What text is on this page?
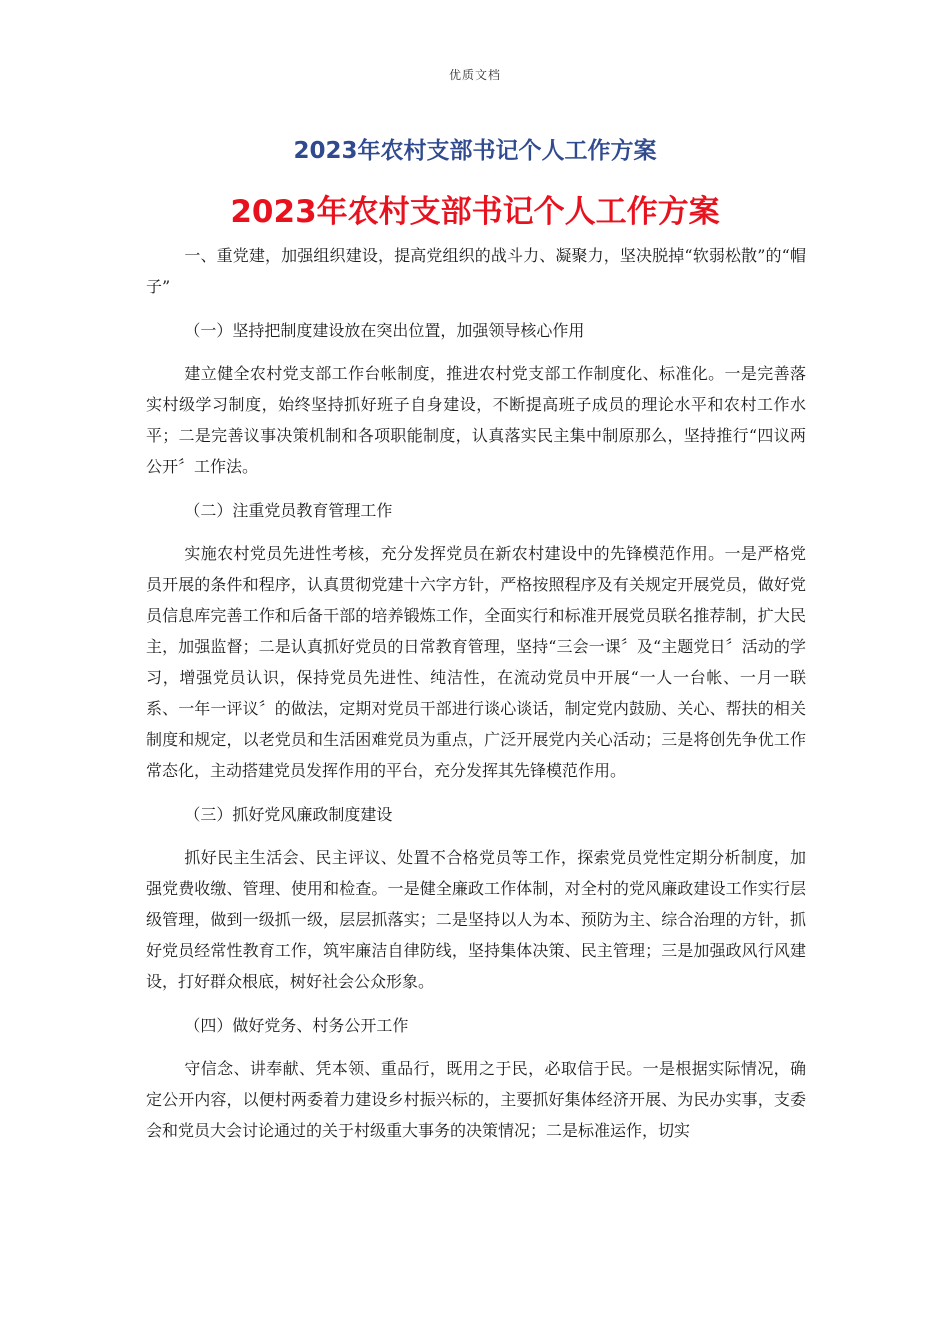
优质文档
2023年农村支部书记个人工作方案
2023年农村支部书记个人工作方案

一、重党建，加强组织建设，提高党组织的战斗力、凝聚力，坚决脱掉“软弱松散”的“帽子”

（一）坚持把制度建设放在突出位置，加强领导核心作用

建立健全农村党支部工作台帐制度，推进农村党支部工作制度化、标准化。一是完善落实村级学习制度，始终坚持抓好班子自身建设，不断提高班子成员的理论水平和农村工作水平；二是完善议事决策机制和各项职能制度，认真落实民主集中制原那么，坚持推行“四议两公开〞工作法。

（二）注重党员教育管理工作

实施农村党员先进性考核，充分发挥党员在新农村建设中的先锋模范作用。一是严格党员开展的条件和程序，认真贯彻党建十六字方针，严格按照程序及有关规定开展党员，做好党员信息库完善工作和后备干部的培养锻炼工作，全面实行和标准开展党员联名推荐制，扩大民主，加强监督；二是认真抓好党员的日常教育管理，坚持“三会一课〞及“主题党日〞活动的学习，增强党员认识，保持党员先进性、纯洁性，在流动党员中开展“一人一台帐、一月一联系、一年一评议〞的做法，定期对党员干部进行谈心谈话，制定党内鼓励、关心、帮扶的相关制度和规定，以老党员和生活困难党员为重点，广泛开展党内关心活动；三是将创先争优工作常态化，主动搭建党员发挥作用的平台，充分发挥其先锋模范作用。

（三）抓好党风廉政制度建设

抓好民主生活会、民主评议、处置不合格党员等工作，探索党员党性定期分析制度，加强党费收缴、管理、使用和检查。一是健全廉政工作体制，对全村的党风廉政建设工作实行层级管理，做到一级抓一级，层层抓落实；二是坚持以人为本、预防为主、综合治理的方针，抓好党员经常性教育工作，筑牢廉洁自律防线，坚持集体决策、民主管理；三是加强政风行风建设，打好群众根底，树好社会公众形象。

（四）做好党务、村务公开工作

守信念、讲奉献、凭本领、重品行，既用之于民，必取信于民。一是根据实际情况，确定公开内容，以便村两委着力建设乡村振兴标的，主要抓好集体经济开展、为民办实事，支委会和党员大会讨论通过的关于村级重大事务的决策情况；二是标准运作，切实
